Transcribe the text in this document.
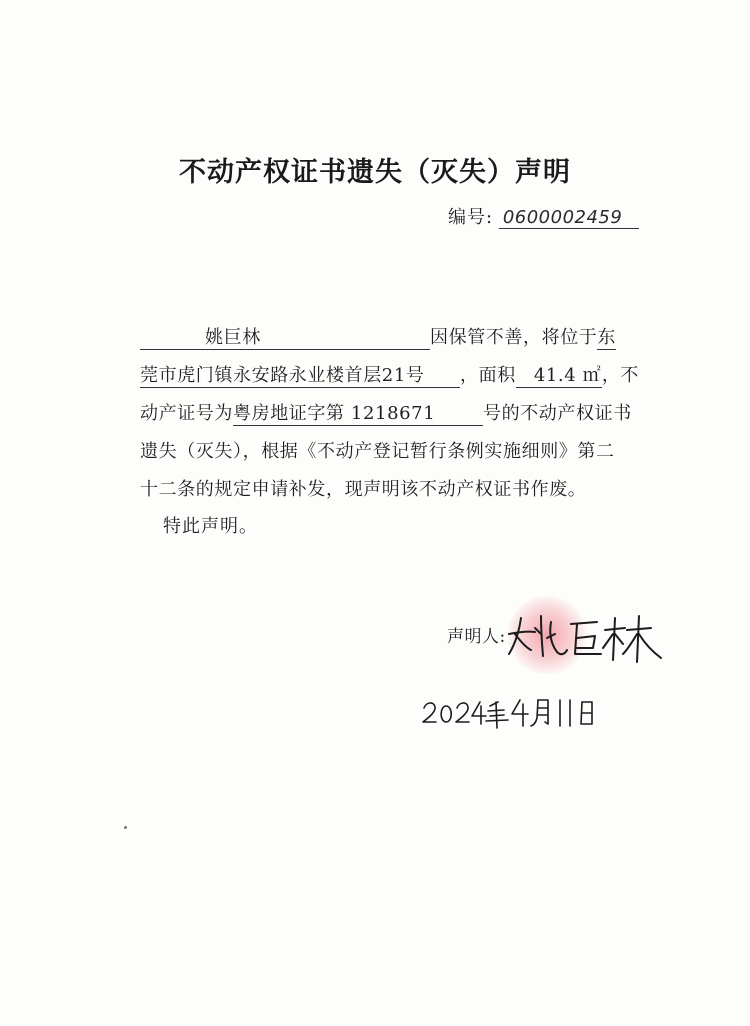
不动产权证书遗失（灭失）声明
编号: 0600002459
姚巨林	因保管不善，将位于东
莞市虎门镇永安路永业楼首层21号 ，面积 41.4 ㎡，不
动产证号为粤房地证字第 1218671	号的不动产权证书
遗失（灭失），根据《不动产登记暂行条例实施细则》第二
十二条的规定申请补发，现声明该不动产权证书作废。
特此声明。
声明人:
2024年4月11日
